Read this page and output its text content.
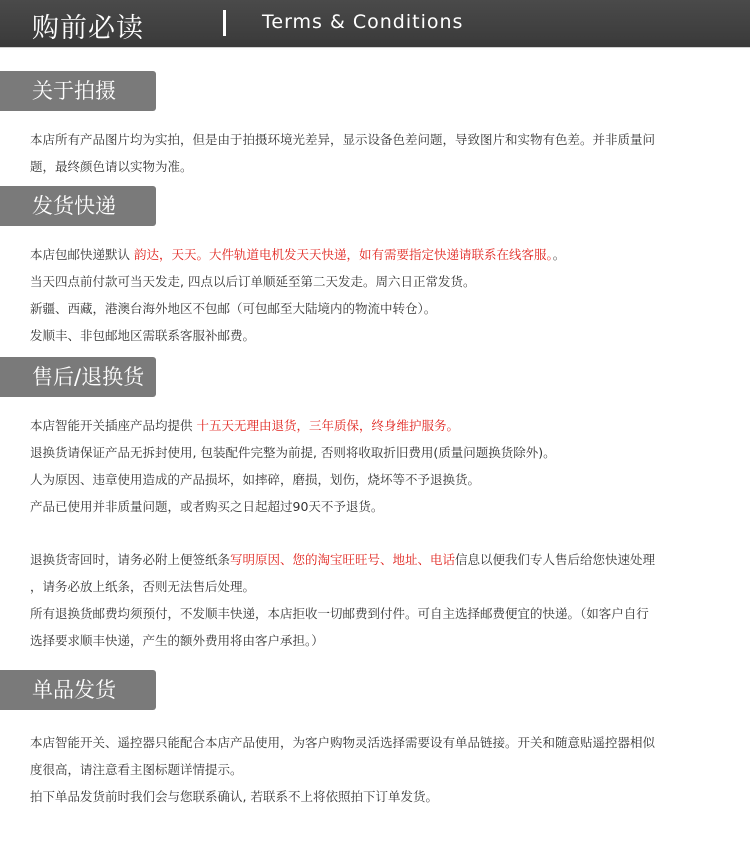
购前必读	Terms & Conditions
关于拍摄
本店所有产品图片均为实拍，但是由于拍摄环境光差异，显示设备色差问题，导致图片和实物有色差。并非质量问
题，最终颜色请以实物为准。
发货快递
本店包邮快递默认 韵达，天天。大件轨道电机发天天快递，如有需要指定快递请联系在线客服。。
当天四点前付款可当天发走, 四点以后订单顺延至第二天发走。周六日正常发货。
新疆、西藏，港澳台海外地区不包邮（可包邮至大陆境内的物流中转仓）。
发顺丰、非包邮地区需联系客服补邮费。
售后/退换货
本店智能开关插座产品均提供 十五天无理由退货，三年质保，终身维护服务。
退换货请保证产品无拆封使用, 包装配件完整为前提, 否则将收取折旧费用(质量问题换货除外)。
人为原因、违章使用造成的产品损坏，如摔碎，磨损，划伤，烧坏等不予退换货。
产品已使用并非质量问题，或者购买之日起超过90天不予退货。
退换货寄回时，请务必附上便签纸条写明原因、您的淘宝旺旺号、地址、电话信息以便我们专人售后给您快速处理
，请务必放上纸条，否则无法售后处理。
所有退换货邮费均须预付，不发顺丰快递，本店拒收一切邮费到付件。可自主选择邮费便宜的快递。（如客户自行
选择要求顺丰快递，产生的额外费用将由客户承担。）
单品发货
本店智能开关、遥控器只能配合本店产品使用，为客户购物灵活选择需要设有单品链接。开关和随意贴遥控器相似
度很高，请注意看主图标题详情提示。
拍下单品发货前时我们会与您联系确认, 若联系不上将依照拍下订单发货。
